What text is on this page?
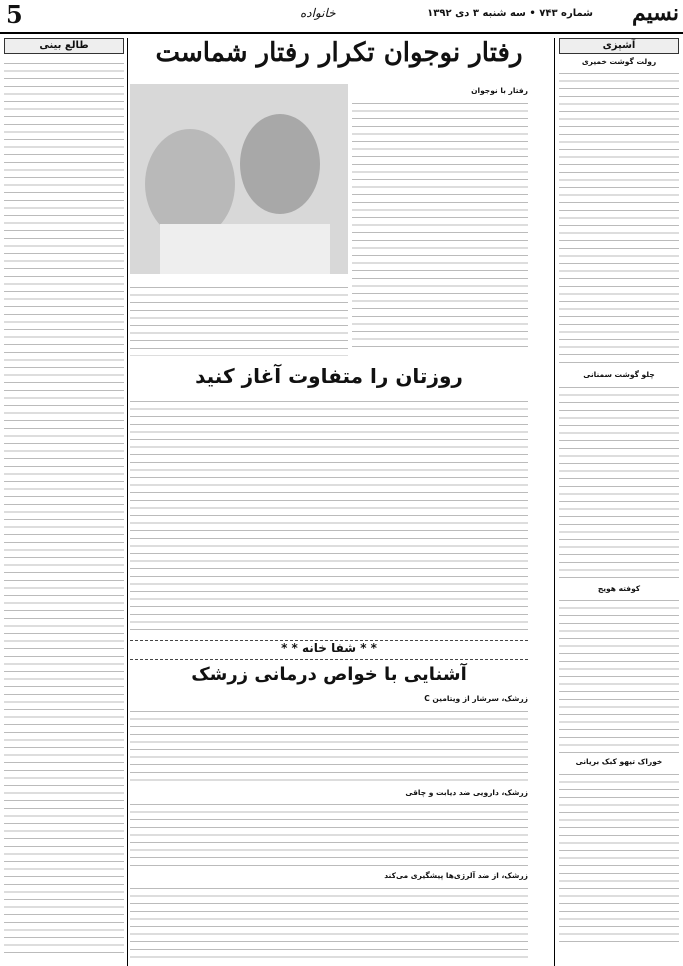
نسیم
شماره ۷۴۳ • سه شنبه ۳ دی ۱۳۹۲
خانواده
5
آشپزی
رولت گوشت خمیری
چلو گوشت سمنانی
کوفته هویج
خوراک تیهو کبک بریانی
طالع بینی	رفتار نوجوان تکرار رفتار شماست
رفتار با نوجوان
روزتان را متفاوت آغاز کنید
* * شفا خانه * *
آشنایی با خواص درمانی زرشک
زرشک، سرشار از ویتامین C
زرشک، دارویی ضد دیابت و چاقی
زرشک، از ضد آلرژی‌ها پیشگیری می‌کند
